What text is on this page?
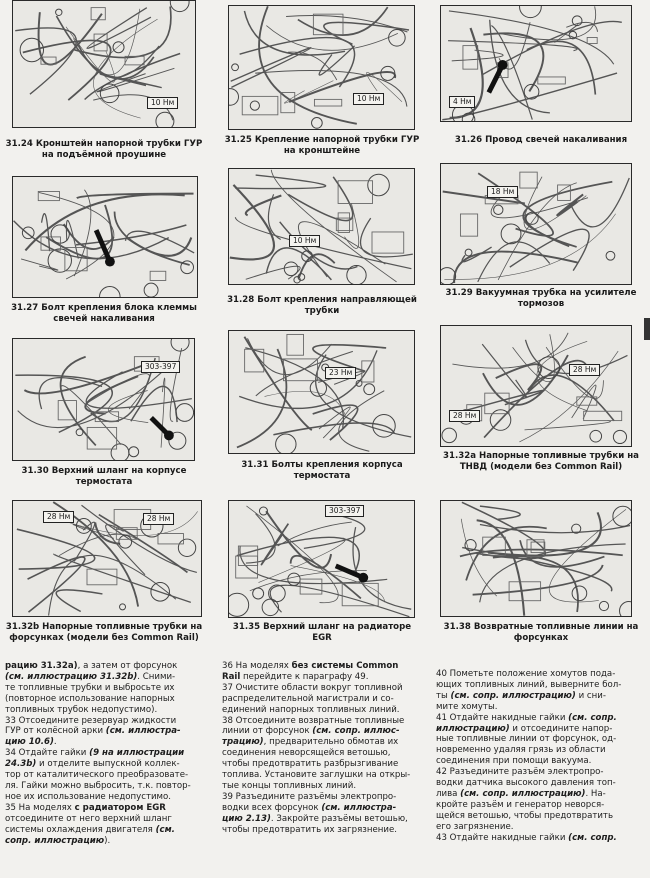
10 Нм
31.24 Кронштейн напорной трубки ГУР
на подъёмной проушине
10 Нм
31.25 Крепление напорной трубки ГУР
на кронштейне
4 Нм
31.26 Провод свечей накаливания
31.27 Болт крепления блока клеммы
свечей накаливания
10 Нм
31.28 Болт крепления направляющей
трубки
18 Нм
31.29 Вакуумная трубка на усилителе
тормозов
303-397
31.30 Верхний шланг на корпусе
термостата
23 Нм
31.31 Болты крепления корпуса
термостата
28 Нм
28 Нм
31.32a Напорные топливные трубки на
ТНВД (модели без Common Rail)
28 Нм	28 Нм
31.32b Напорные топливные трубки на
форсунках (модели без Common Rail)
303-397
31.35 Верхний шланг на радиаторе
EGR
31.38 Возвратные топливные линии на
форсунках
рацию 31.32a), а затем от форсунок
(см. иллюстрацию 31.32b). Сними-
те топливные трубки и выбросьте их
(повторное использование напорных
топливных трубок недопустимо).
33 Отсоедините резервуар жидкости
ГУР от колёсной арки (см. иллюстра-
цию 10.6).
34 Отдайте гайки (9 на иллюстрации
24.3b) и отделите выпускной коллек-
тор от каталитического преобразовате-
ля. Гайки можно выбросить, т.к. повтор-
ное их использование недопустимо.
35 На моделях с радиатором EGR
отсоедините от него верхний шланг
системы охлаждения двигателя (см.
сопр. иллюстрацию).
36 На моделях без системы Common
Rail перейдите к параграфу 49.
37 Очистите области вокруг топливной
распределительной магистрали и со-
единений напорных топливных линий.
38 Отсоедините возвратные топливные
линии от форсунок (см. сопр. иллюс-
трацию), предварительно обмотав их
соединения неворсящейся ветошью,
чтобы предотвратить разбрызгивание
топлива. Установите заглушки на откры-
тые концы топливных линий.
39 Разъедините разъёмы электропро-
водки всех форсунок (см. иллюстра-
цию 2.13). Закройте разъёмы ветошью,
чтобы предотвратить их загрязнение.
40 Пометьте положение хомутов пода-
ющих топливных линий, выверните бол-
ты (см. сопр. иллюстрацию) и сни-
мите хомуты.
41 Отдайте накидные гайки (см. сопр.
иллюстрацию) и отсоедините напор-
ные топливные линии от форсунок, од-
новременно удаляя грязь из области
соединения при помощи вакуума.
42 Разъедините разъём электропро-
водки датчика высокого давления топ-
лива (см. сопр. иллюстрацию). На-
кройте разъём и генератор неворся-
щейся ветошью, чтобы предотвратить
его загрязнение.
43 Отдайте накидные гайки (см. сопр.
